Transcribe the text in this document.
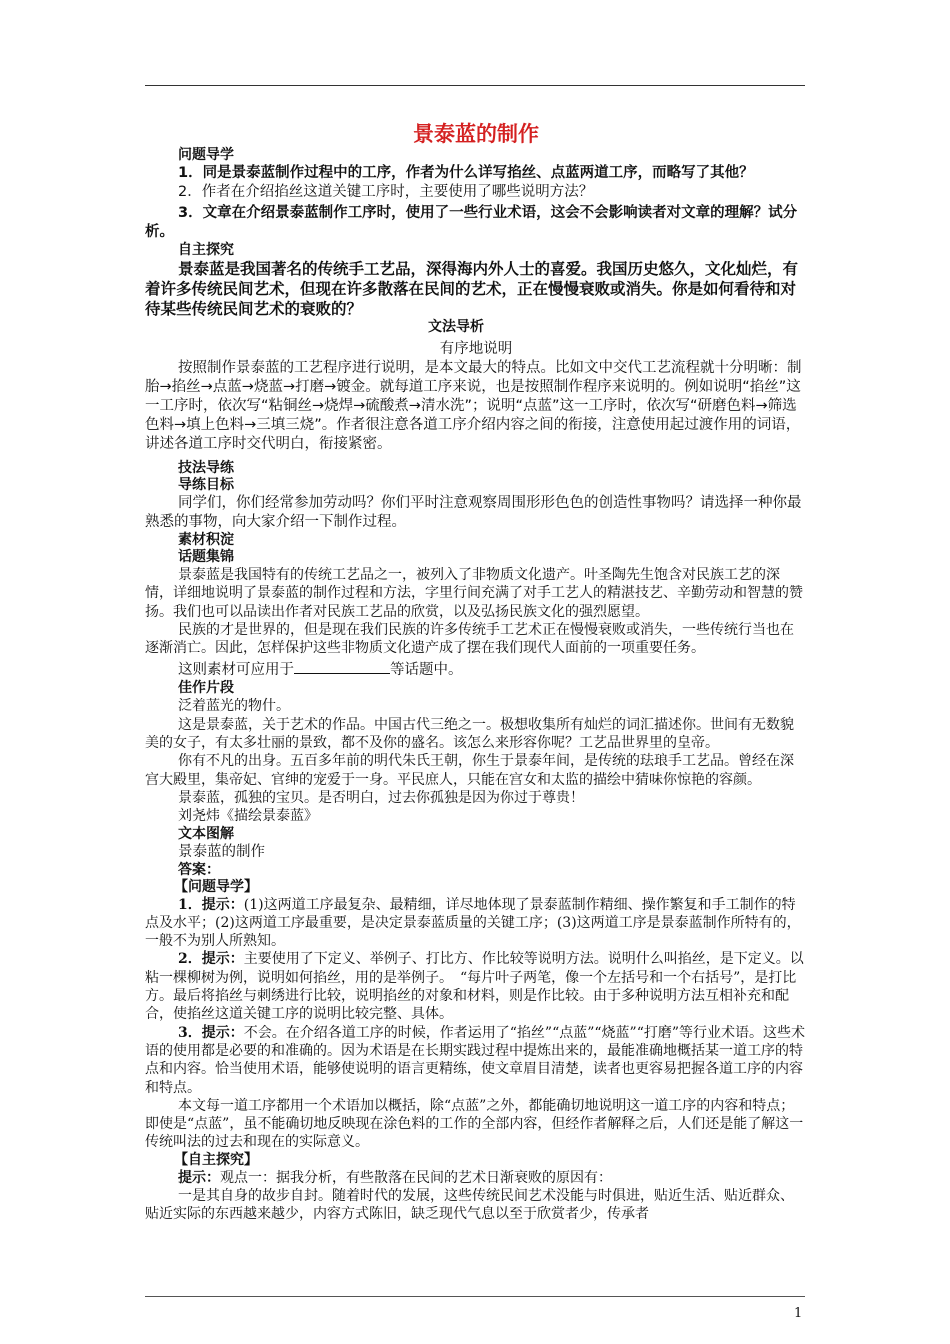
景泰蓝的制作
问题导学

1．同是景泰蓝制作过程中的工序，作者为什么详写掐丝、点蓝两道工序，而略写了其他？

2．作者在介绍掐丝这道关键工序时，主要使用了哪些说明方法？

3．文章在介绍景泰蓝制作工序时，使用了一些行业术语，这会不会影响读者对文章的理解？试分析。

自主探究

景泰蓝是我国著名的传统手工艺品，深得海内外人士的喜爱。我国历史悠久，文化灿烂，有着许多传统民间艺术，但现在许多散落在民间的艺术，正在慢慢衰败或消失。你是如何看待和对待某些传统民间艺术的衰败的？

文法导析
有序地说明

按照制作景泰蓝的工艺程序进行说明，是本文最大的特点。比如文中交代工艺流程就十分明晰：制胎→掐丝→点蓝→烧蓝→打磨→镀金。就每道工序来说，也是按照制作程序来说明的。例如说明“掐丝”这一工序时，依次写“粘铜丝→烧焊→硫酸煮→清水洗”；说明“点蓝”这一工序时，依次写“研磨色料→筛选色料→填上色料→三填三烧”。作者很注意各道工序介绍内容之间的衔接，注意使用起过渡作用的词语，讲述各道工序时交代明白，衔接紧密。

技法导练
导练目标

同学们，你们经常参加劳动吗？你们平时注意观察周围形形色色的创造性事物吗？请选择一种你最熟悉的事物，向大家介绍一下制作过程。

素材积淀
话题集锦

景泰蓝是我国特有的传统工艺品之一，被列入了非物质文化遗产。叶圣陶先生饱含对民族工艺的深情，详细地说明了景泰蓝的制作过程和方法，字里行间充满了对手工艺人的精湛技艺、辛勤劳动和智慧的赞扬。我们也可以品读出作者对民族工艺品的欣赏，以及弘扬民族文化的强烈愿望。

民族的才是世界的，但是现在我们民族的许多传统手工艺术正在慢慢衰败或消失，一些传统行当也在逐渐消亡。因此，怎样保护这些非物质文化遗产成了摆在我们现代人面前的一项重要任务。

这则素材可应用于	等话题中。

佳作片段

泛着蓝光的物什。

这是景泰蓝，关于艺术的作品。中国古代三绝之一。极想收集所有灿烂的词汇描述你。世间有无数貌美的女子，有太多壮丽的景致，都不及你的盛名。该怎么来形容你呢？工艺品世界里的皇帝。

你有不凡的出身。五百多年前的明代朱氏王朝，你生于景泰年间，是传统的珐琅手工艺品。曾经在深宫大殿里，集帝妃、官绅的宠爱于一身。平民庶人，只能在宫女和太监的描绘中猜味你惊艳的容颜。

景泰蓝，孤独的宝贝。是否明白，过去你孤独是因为你过于尊贵！

刘尧炜《描绘景泰蓝》

文本图解

景泰蓝的制作

答案：
【问题导学】

1．提示：(1)这两道工序最复杂、最精细，详尽地体现了景泰蓝制作精细、操作繁复和手工制作的特点及水平；(2)这两道工序最重要，是决定景泰蓝质量的关键工序；(3)这两道工序是景泰蓝制作所特有的，一般不为别人所熟知。

2．提示：主要使用了下定义、举例子、打比方、作比较等说明方法。说明什么叫掐丝，是下定义。以粘一棵柳树为例，说明如何掐丝，用的是举例子。　“每片叶子两笔，像一个左括号和一个右括号”，是打比方。最后将掐丝与刺绣进行比较，说明掐丝的对象和材料，则是作比较。由于多种说明方法互相补充和配合，使掐丝这道关键工序的说明比较完整、具体。

3．提示：不会。在介绍各道工序的时候，作者运用了“掐丝”“点蓝”“烧蓝”“打磨”等行业术语。这些术语的使用都是必要的和准确的。因为术语是在长期实践过程中提炼出来的，最能准确地概括某一道工序的特点和内容。恰当使用术语，能够使说明的语言更精练，使文章眉目清楚，读者也更容易把握各道工序的内容和特点。

本文每一道工序都用一个术语加以概括，除“点蓝”之外，都能确切地说明这一道工序的内容和特点；即使是“点蓝”，虽不能确切地反映现在涂色料的工作的全部内容，但经作者解释之后，人们还是能了解这一传统叫法的过去和现在的实际意义。

【自主探究】

提示：观点一：据我分析，有些散落在民间的艺术日渐衰败的原因有：

一是其自身的故步自封。随着时代的发展，这些传统民间艺术没能与时俱进，贴近生活、贴近群众、贴近实际的东西越来越少，内容方式陈旧，缺乏现代气息以至于欣赏者少，传承者

1
